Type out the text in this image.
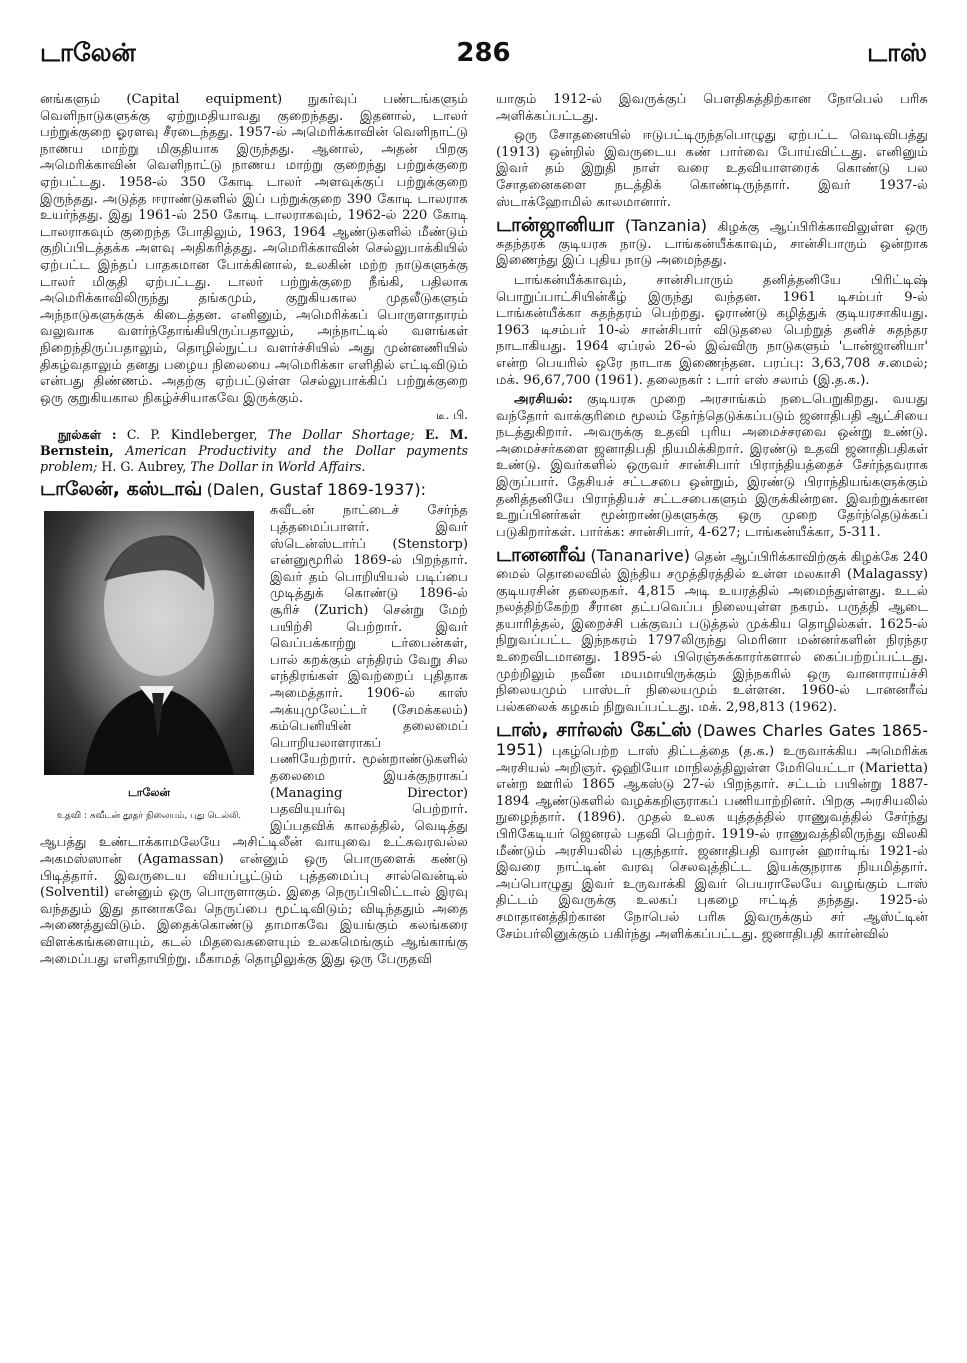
டாலேன்	286	டாஸ்

னங்களும் (Capital equipment) நுகர்வுப் பண்டங்களும் வெளிநாடுகளுக்கு ஏற்றுமதியாவது குறைந்தது. இதனால், டாலர் பற்றுக்குறை ஓரளவு சீரடைந்தது. 1957-ல் அமெரிக்காவின் வெளிநாட்டு நாணய மாற்று மிகுதியாக இருந்தது. ஆனால், அதன் பிறகு அமெரிக்காவின் வெளிநாட்டு நாணய மாற்று குறைந்து பற்றுக்குறை ஏற்பட்டது. 1958-ல் 350 கோடி டாலர் அளவுக்குப் பற்றுக்குறை இருந்தது. அடுத்த ஈராண்டுகளில் இப் பற்றுக்குறை 390 கோடி டாலராக உயர்ந்தது. இது 1961-ல் 250 கோடி டாலராகவும், 1962-ல் 220 கோடி டாலராகவும் குறைந்த போதிலும், 1963, 1964 ஆண்டுகளில் மீண்டும் குறிப்பிடத்தக்க அளவு அதிகரித்தது. அமெரிக்காவின் செல்லுபாக்கியில் ஏற்பட்ட இந்தப் பாதகமான போக்கினால், உலகின் மற்ற நாடுகளுக்கு டாலர் மிகுதி ஏற்பட்டது. டாலர் பற்றுக்குறை நீங்கி, பதிலாக அமெரிக்காவிலிருந்து தங்கமும், குறுகியகால முதலீடுகளும் அந்நாடுகளுக்குக் கிடைத்தன. எனினும், அமெரிக்கப் பொருளாதாரம் வலுவாக வளர்ந்தோங்கியிருப்பதாலும், அந்நாட்டில் வளங்கள் நிறைந்திருப்பதாலும், தொழில்நுட்ப வளர்ச்சியில் அது முன்னணியில் திகழ்வதாலும் தனது பழைய நிலையை அமெரிக்கா எளிதில் எட்டிவிடும் என்பது திண்ணம். அதற்கு ஏற்பட்டுள்ள செல்லுபாக்கிப் பற்றுக்குறை ஒரு குறுகியகால நிகழ்ச்சியாகவே இருக்கும்.
டீ. பி.

நூல்கள் : C. P. Kindleberger, The Dollar Shortage; E. M. Bernstein, American Productivity and the Dollar payments problem; H. G. Aubrey, The Dollar in World Affairs.

டாலேன், கஸ்டாவ் (Dalen, Gustaf 1869-1937):

டாலேன்
உதவி : சுவீடன் தூதர் நிலையம், புது டெல்லி.

சுவீடன் நாட்டைச் சேர்ந்த புத்தமைப்பாளர். இவர் ஸ்டென்ஸ்டார்ப் (Stenstorp) என்னுமூரில் 1869-ல் பிறந்தார். இவர் தம் பொறியியல் படிப்பை முடித்துக் கொண்டு 1896-ல் சூரிச் (Zurich) சென்று மேற் பயிற்சி பெற்றார். இவர் வெப்பக்காற்று டர்பைன்கள், பால் கறக்கும் எந்திரம் வேறு சில எந்திரங்கள் இவற்றைப் புதிதாக அமைத்தார். 1906-ல் காஸ் அக்யுமுலேட்டர் (சேமக்கலம்) கம்பெனியின் தலைமைப் பொறியலாளராகப் பணியேற்றார். மூன்றாண்டுகளில் தலைமை இயக்குநராகப் (Managing Director) பதவியுயர்வு பெற்றார். இப்பதவிக் காலத்தில், வெடித்து ஆபத்து உண்டாக்காமலேயே அசிட்டிலீன் வாயுவை உட்கவரவல்ல அகமஸ்ஸான் (Agamassan) என்னும் ஒரு பொருளைக் கண்டு பிடித்தார். இவருடைய வியப்பூட்டும் புத்தமைப்பு சால்வென்டில் (Solventil) என்னும் ஒரு பொருளாகும். இதை நெருப்பிலிட்டால் இரவு வந்ததும் இது தானாகவே நெருப்பை மூட்டிவிடும்; விடிந்ததும் அதை அணைத்துவிடும். இதைக்கொண்டு தாமாகவே இயங்கும் கலங்கரை விளக்கங்களையும், கடல் மிதவைகளையும் உலகமெங்கும் ஆங்காங்கு அமைப்பது எளிதாயிற்று. மீகாமத் தொழிலுக்கு இது ஒரு பேருதவி

யாகும் 1912-ல் இவருக்குப் பௌதிகத்திற்கான நோபெல் பரிசு அளிக்கப்பட்டது.

ஒரு சோதனையில் ஈடுபட்டிருந்தபொழுது ஏற்பட்ட வெடிவிபத்து (1913) ஒன்றில் இவருடைய கண் பார்வை போய்விட்டது. எனினும் இவர் தம் இறுதி நாள் வரை உதவியாளரைக் கொண்டு பல சோதனைகளை நடத்திக் கொண்டிருந்தார். இவர் 1937-ல் ஸ்டாக்ஹோமில் காலமானார்.

டான்ஜானியா (Tanzania) கிழக்கு ஆப்பிரிக்காவிலுள்ள ஒரு சுதந்தரக் குடியரசு நாடு. டாங்கன்யீக்காவும், சான்சிபாரும் ஒன்றாக இணைந்து இப் புதிய நாடு அமைந்தது.

டாங்கன்யீக்காவும், சான்சிபாரும் தனித்தனியே பிரிட்டிஷ் பொறுப்பாட்சியின்கீழ் இருந்து வந்தன. 1961 டிசம்பர் 9-ல் டாங்கன்யீக்கா சுதந்தரம் பெற்றது. ஓராண்டு கழித்துக் குடியரசாகியது. 1963 டிசம்பர் 10-ல் சான்சிபார் விடுதலை பெற்றுத் தனிச் சுதந்தர நாடாகியது. 1964 ஏப்ரல் 26-ல் இவ்விரு நாடுகளும் 'டான்ஜானியா' என்ற பெயரில் ஒரே நாடாக இணைந்தன. பரப்பு: 3,63,708 ச.மைல்; மக். 96,67,700 (1961). தலைநகர் : டார் எஸ் சலாம் (இ.த.க.).

அரசியல்: குடியரசு முறை அரசாங்கம் நடைபெறுகிறது. வயது வந்தோர் வாக்குரிமை மூலம் தேர்ந்தெடுக்கப்படும் ஜனாதிபதி ஆட்சியை நடத்துகிறார். அவருக்கு உதவி புரிய அமைச்சரவை ஒன்று உண்டு. அமைச்சர்களை ஜனாதிபதி நியமிக்கிறார். இரண்டு உதவி ஜனாதிபதிகள் உண்டு. இவர்களில் ஒருவர் சான்சிபார் பிராந்தியத்தைச் சேர்ந்தவராக இருப்பார். தேசியச் சட்டசபை ஒன்றும், இரண்டு பிராந்தியங்களுக்கும் தனித்தனியே பிராந்தியச் சட்டசபைகளும் இருக்கின்றன. இவற்றுக்கான உறுப்பினர்கள் மூன்றாண்டுகளுக்கு ஒரு முறை தேர்ந்தெடுக்கப் படுகிறார்கள். பார்க்க: சான்சிபார், 4-627; டாங்கன்யீக்கா, 5-311.

டானனரீவ் (Tananarive) தென் ஆப்பிரிக்காவிற்குக் கிழக்கே 240 மைல் தொலைவில் இந்திய சமுத்திரத்தில் உள்ள மலகாசி (Malagassy) குடியரசின் தலைநகர். 4,815 அடி உயரத்தில் அமைந்துள்ளது. உடல் நலத்திற்கேற்ற சீரான தட்பவெப்ப நிலையுள்ள நகரம். பருத்தி ஆடை தயாரித்தல், இறைச்சி பக்குவப் படுத்தல் முக்கிய தொழில்கள். 1625-ல் நிறுவப்பட்ட இந்நகரம் 1797லிருந்து மெரினா மன்னர்களின் நிரந்தர உறைவிடமானது. 1895-ல் பிரெஞ்சுக்காரர்களால் கைப்பற்றப்பட்டது. முற்றிலும் நவீன மயமாயிருக்கும் இந்நகரில் ஒரு வானாராய்ச்சி நிலையமும் பாஸ்டர் நிலையமும் உள்ளன. 1960-ல் டானனரீவ் பல்கலைக் கழகம் நிறுவப்பட்டது. மக். 2,98,813 (1962).

டாஸ், சார்லஸ் கேட்ஸ் (Dawes Charles Gates 1865-1951) புகழ்பெற்ற டாஸ் திட்டத்தை (த.க.) உருவாக்கிய அமெரிக்க அரசியல் அறிஞர். ஒஹியோ மாநிலத்திலுள்ள மேரியெட்டா (Marietta) என்ற ஊரில் 1865 ஆகஸ்டு 27-ல் பிறந்தார். சட்டம் பயின்று 1887-1894 ஆண்டுகளில் வழக்கறிஞராகப் பணியாற்றினர். பிறகு அரசியலில் நுழைந்தார். (1896). முதல் உலக யுத்தத்தில் ராணுவத்தில் சேர்ந்து பிரிகேடியர் ஜெனரல் பதவி பெற்றர். 1919-ல் ராணுவத்திலிருந்து விலகி மீண்டும் அரசியலில் புகுந்தார். ஜனாதிபதி வாரன் ஹார்டிங் 1921-ல் இவரை நாட்டின் வரவு செலவுத்திட்ட இயக்குநராக நியமித்தார். அப்பொழுது இவர் உருவாக்கி இவர் பெயராலேயே வழங்கும் டாஸ் திட்டம் இவருக்கு உலகப் புகழை ஈட்டித் தந்தது. 1925-ல் சமாதானத்திற்கான நோபெல் பரிசு இவருக்கும் சர் ஆஸ்ட்டின் சேம்பர்லினுக்கும் பகிர்ந்து அளிக்கப்பட்டது. ஜனாதிபதி கார்ன்வில்
